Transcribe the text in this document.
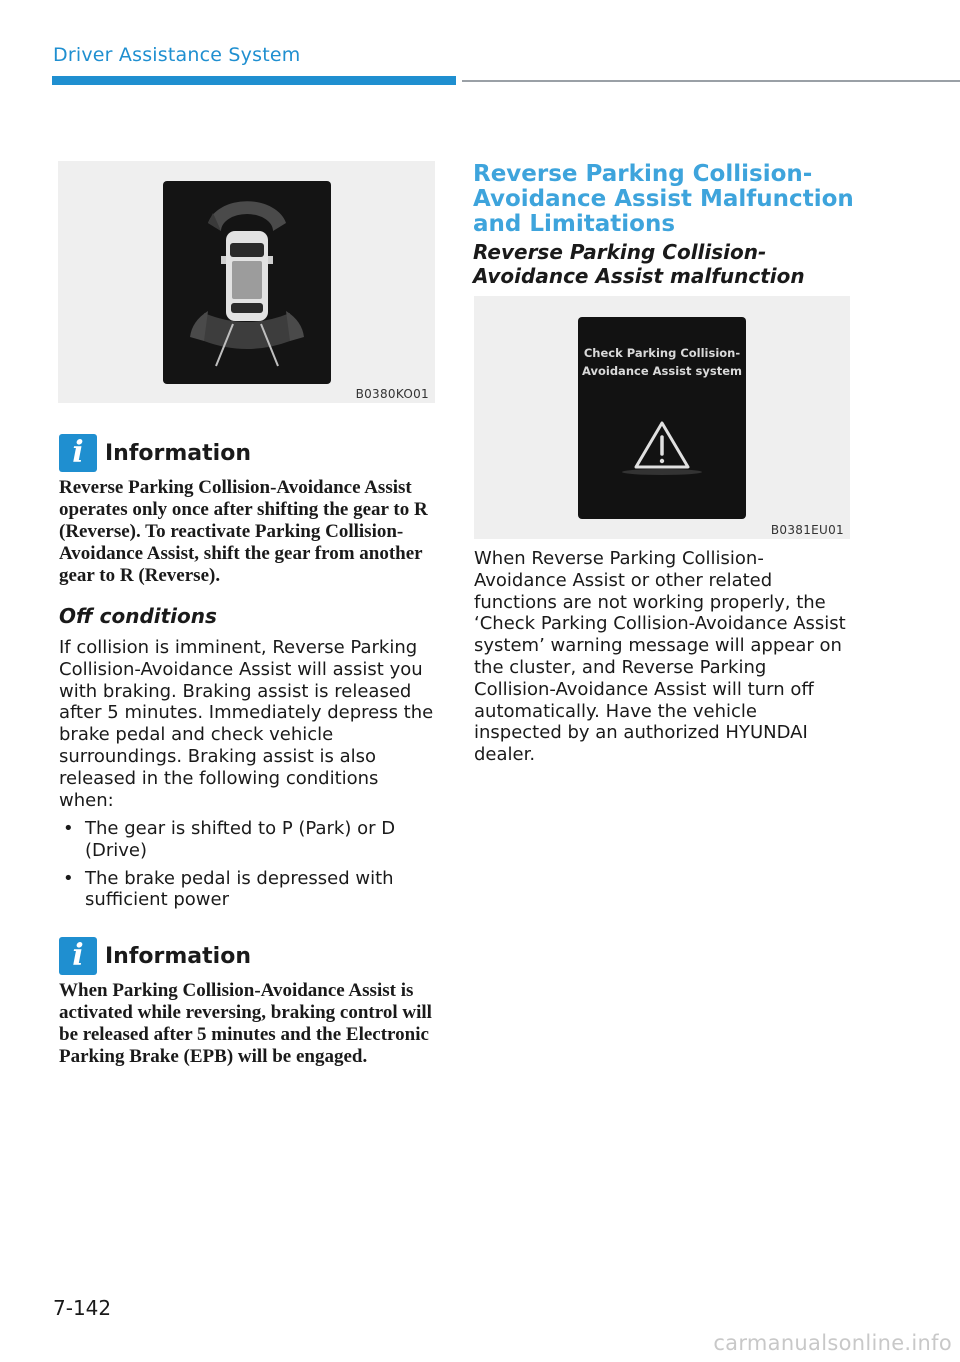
Driver Assistance System
B0380KO01
i Information
Reverse Parking Collision-Avoidance Assist operates only once after shifting the gear to R (Reverse). To reactivate Parking Collision-Avoidance Assist, shift the gear from another gear to R (Reverse).
Off conditions
If collision is imminent, Reverse Parking Collision-Avoidance Assist will assist you with braking. Braking assist is released after 5 minutes. Immediately depress the brake pedal and check vehicle surroundings. Braking assist is also released in the following conditions when:
• The gear is shifted to P (Park) or D (Drive)
• The brake pedal is depressed with sufficient power
i Information
When Parking Collision-Avoidance Assist is activated while reversing, braking control will be released after 5 minutes and the Electronic Parking Brake (EPB) will be engaged.
Reverse Parking Collision-Avoidance Assist Malfunction and Limitations
Reverse Parking Collision-Avoidance Assist malfunction
Check Parking Collision-
Avoidance Assist system
B0381EU01
When Reverse Parking Collision-Avoidance Assist or other related functions are not working properly, the ‘Check Parking Collision-Avoidance Assist system’ warning message will appear on the cluster, and Reverse Parking Collision-Avoidance Assist will turn off automatically. Have the vehicle inspected by an authorized HYUNDAI dealer.
7-142
carmanualsonline.info
